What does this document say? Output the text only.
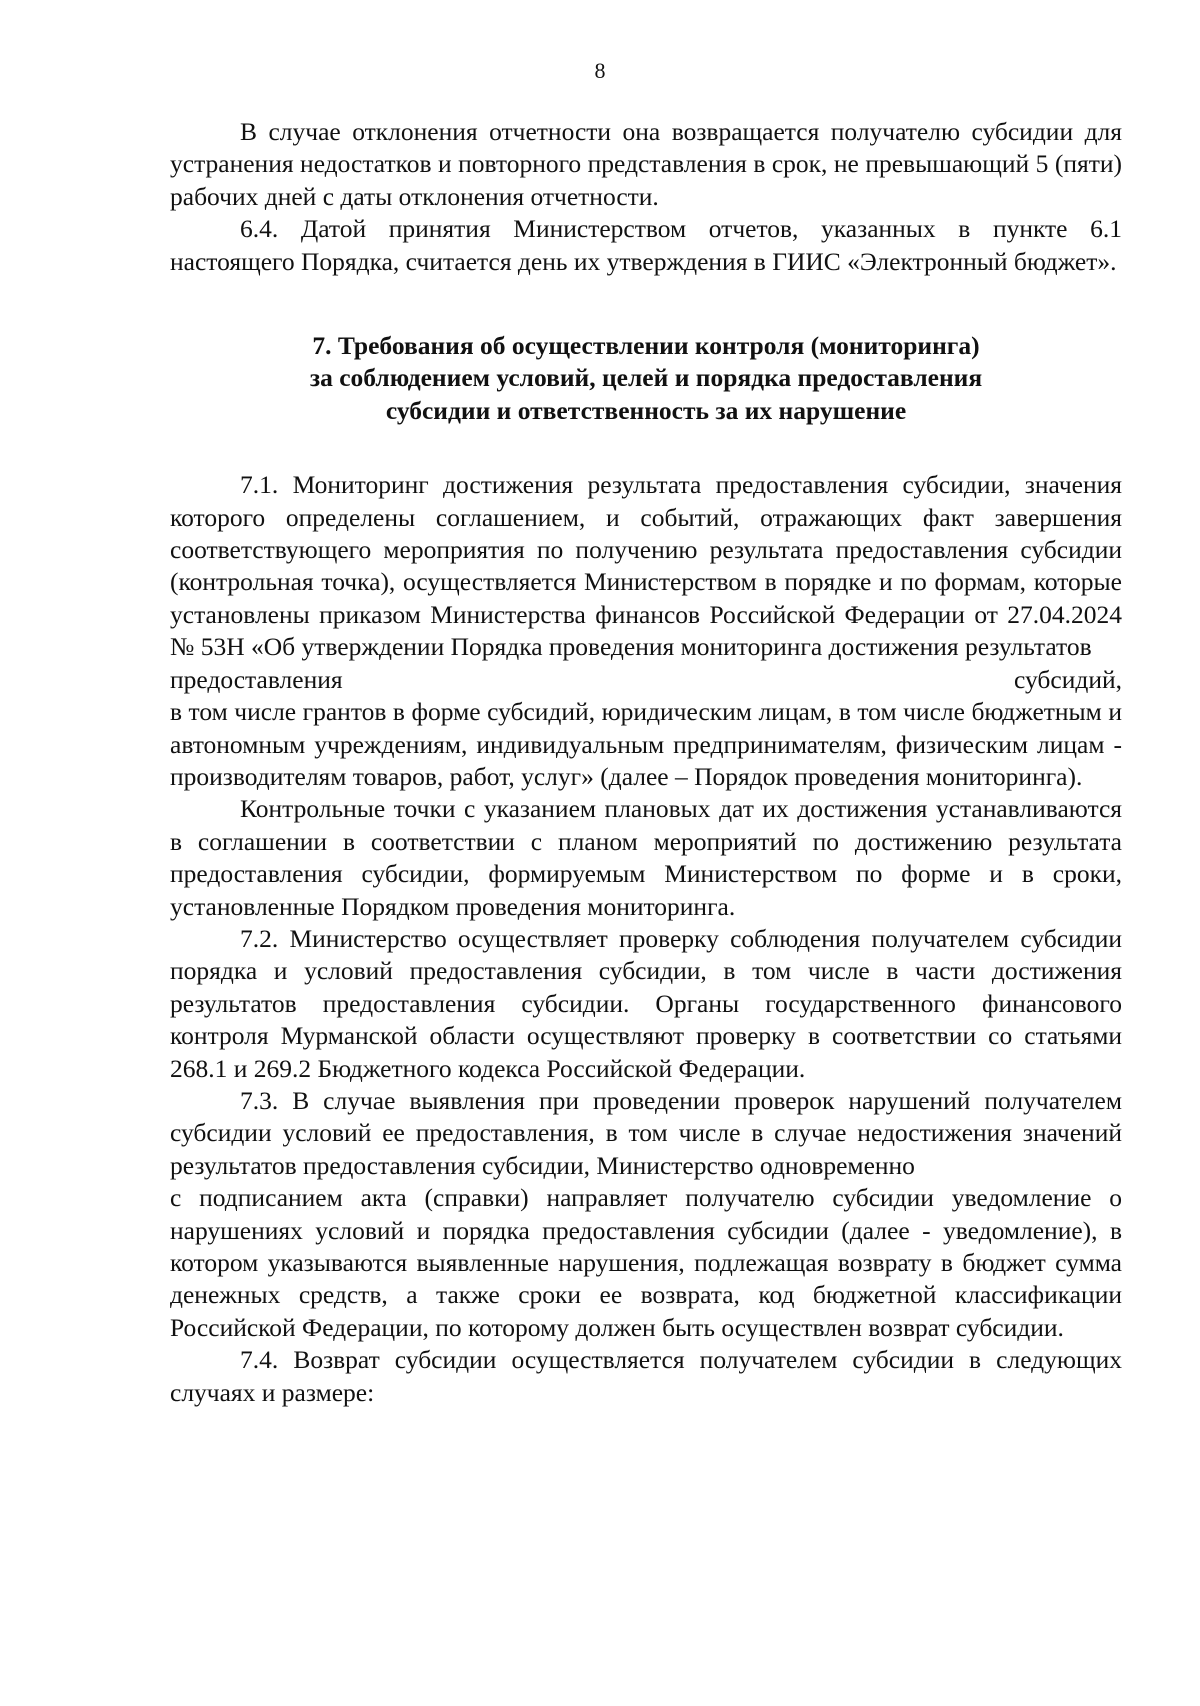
8

В случае отклонения отчетности она возвращается получателю субсидии для устранения недостатков и повторного представления в срок, не превышающий 5 (пяти) рабочих дней с даты отклонения отчетности.

6.4. Датой принятия Министерством отчетов, указанных в пункте 6.1 настоящего Порядка, считается день их утверждения в ГИИС «Электронный бюджет».

7. Требования об осуществлении контроля (мониторинга)
за соблюдением условий, целей и порядка предоставления
субсидии и ответственность за их нарушение

7.1. Мониторинг достижения результата предоставления субсидии, значения которого определены соглашением, и событий, отражающих факт завершения соответствующего мероприятия по получению результата предоставления субсидии (контрольная точка), осуществляется Министерством в порядке и по формам, которые установлены приказом Министерства финансов Российской Федерации от 27.04.2024 № 53Н «Об утверждении Порядка проведения мониторинга достижения результатов

предоставления	субсидий,

в том числе грантов в форме субсидий, юридическим лицам, в том числе бюджетным и автономным учреждениям, индивидуальным предпринимателям, физическим лицам - производителям товаров, работ, услуг» (далее – Порядок проведения мониторинга).

Контрольные точки с указанием плановых дат их достижения устанавливаются в соглашении в соответствии с планом мероприятий по достижению результата предоставления субсидии, формируемым Министерством по форме и в сроки, установленные Порядком проведения мониторинга.

7.2. Министерство осуществляет проверку соблюдения получателем субсидии порядка и условий предоставления субсидии, в том числе в части достижения результатов предоставления субсидии. Органы государственного финансового контроля Мурманской области осуществляют проверку в соответствии со статьями 268.1 и 269.2 Бюджетного кодекса Российской Федерации.

7.3. В случае выявления при проведении проверок нарушений получателем субсидии условий ее предоставления, в том числе в случае недостижения значений результатов предоставления субсидии, Министерство одновременно

с подписанием акта (справки) направляет получателю субсидии уведомление о нарушениях условий и порядка предоставления субсидии (далее - уведомление), в котором указываются выявленные нарушения, подлежащая возврату в бюджет сумма денежных средств, а также сроки ее возврата, код бюджетной классификации Российской Федерации, по которому должен быть осуществлен возврат субсидии.

7.4. Возврат субсидии осуществляется получателем субсидии в следующих случаях и размере:
